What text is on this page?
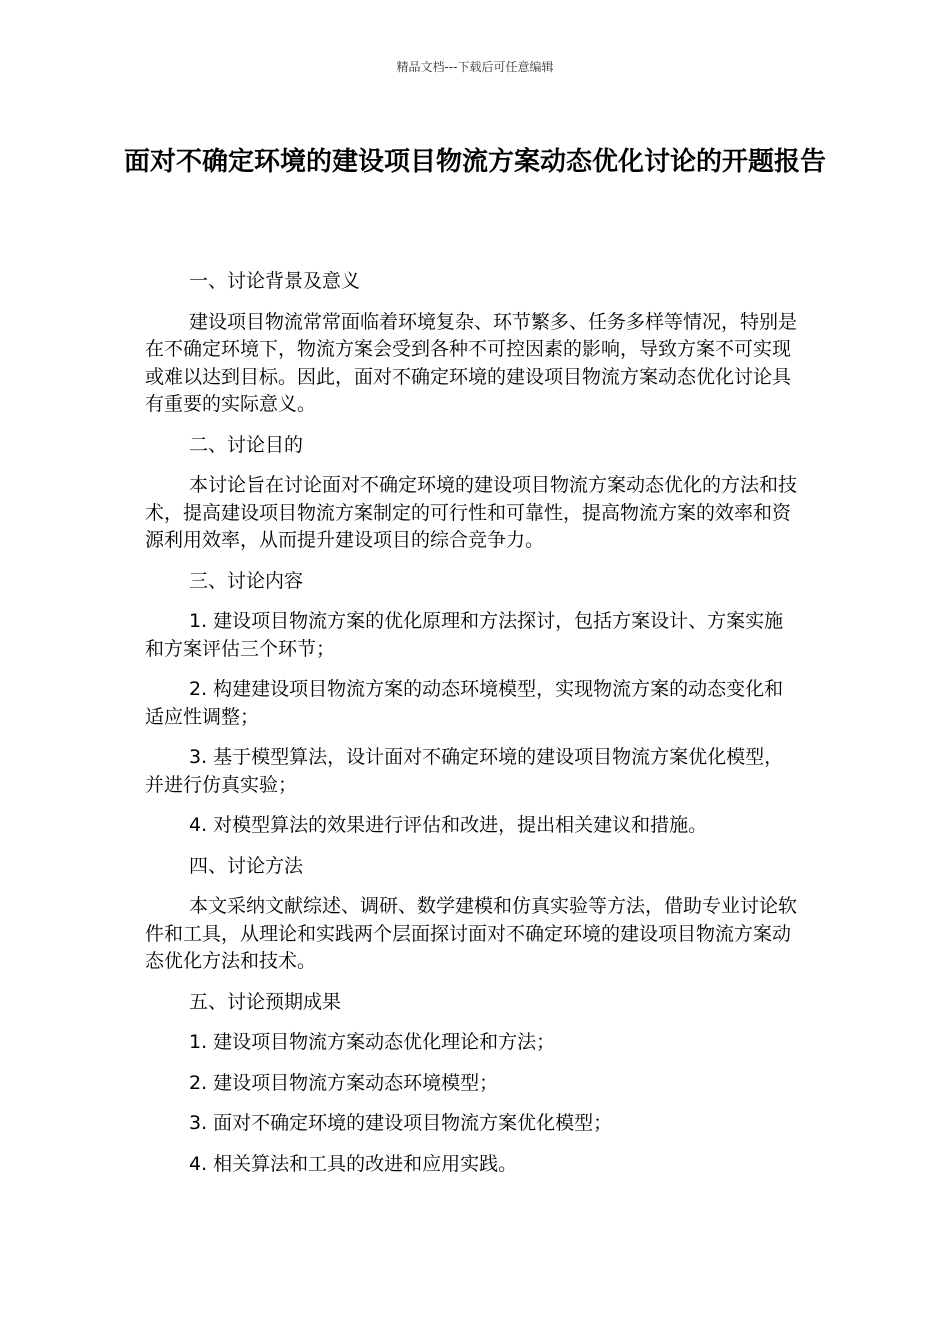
精品文档---下载后可任意编辑
面对不确定环境的建设项目物流方案动态优化讨论的开题报告

一、讨论背景及意义

建设项目物流常常面临着环境复杂、环节繁多、任务多样等情况，特别是在不确定环境下，物流方案会受到各种不可控因素的影响，导致方案不可实现或难以达到目标。因此，面对不确定环境的建设项目物流方案动态优化讨论具有重要的实际意义。

二、讨论目的

本讨论旨在讨论面对不确定环境的建设项目物流方案动态优化的方法和技术，提高建设项目物流方案制定的可行性和可靠性，提高物流方案的效率和资源利用效率，从而提升建设项目的综合竞争力。

三、讨论内容

1. 建设项目物流方案的优化原理和方法探讨，包括方案设计、方案实施和方案评估三个环节；

2. 构建建设项目物流方案的动态环境模型，实现物流方案的动态变化和适应性调整；

3. 基于模型算法，设计面对不确定环境的建设项目物流方案优化模型，并进行仿真实验；

4. 对模型算法的效果进行评估和改进，提出相关建议和措施。

四、讨论方法

本文采纳文献综述、调研、数学建模和仿真实验等方法，借助专业讨论软件和工具，从理论和实践两个层面探讨面对不确定环境的建设项目物流方案动态优化方法和技术。

五、讨论预期成果

1. 建设项目物流方案动态优化理论和方法；

2. 建设项目物流方案动态环境模型；

3. 面对不确定环境的建设项目物流方案优化模型；

4. 相关算法和工具的改进和应用实践。
